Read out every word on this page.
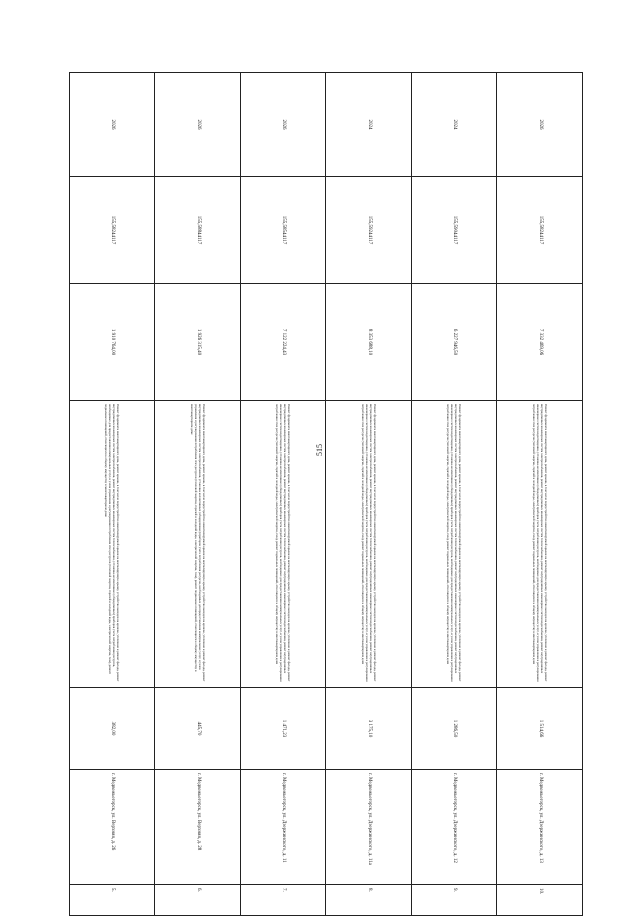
515
2026	155,58244117	7 332 469,06	Ремонт фундамента многоквартирного дома, ремонт крыши, в том числе переустройство невентилируемой крыши на вентилируемую крышу, устройство выходов на кровлю, утепление и ремонт фасада, ремонт внутридомовых инженерных систем электроснабжения, ремонт внутридомовых инженерных систем теплоснабжения, ремонт внутридомовых инженерных систем водоснабжения, ремонт внутридомовых инженерных систем водоотведения, установка коллективных (общедомовых) приборов учета потребления ресурсов, необходимых для предоставления коммунальных услуг, и узлов управления и регулирования потребления этих ресурсов (тепловой энергии, горячей и холодной воды, электрической энергии, газа), ремонт подвальных помещений, относящихся к общему имуществу в многоквартирном доме	1 514,66	г. Медвежьегорск, ул. Дзержинского, д. 13	10.
2024	155,59044117	6 227 946,50	Ремонт фундамента многоквартирного дома, ремонт крыши, в том числе переустройство невентилируемой крыши на вентилируемую крышу, устройство выходов на кровлю, утепление и ремонт фасада, ремонт внутридомовых инженерных систем электроснабжения, ремонт внутридомовых инженерных систем теплоснабжения, ремонт внутридомовых инженерных систем водоснабжения, ремонт внутридомовых инженерных систем водоотведения, установка коллективных (общедомовых) приборов учета потребления ресурсов, необходимых для предоставления коммунальных услуг, и узлов управления и регулирования потребления этих ресурсов (тепловой энергии, горячей и холодной воды, электрической энергии, газа), ремонт подвальных помещений, относящихся к общему имуществу в многоквартирном доме	1 286,50	г. Медвежьегорск, ул. Дзержинского, д. 12	9.
2024	155,59244117	8 353 688,10	Ремонт фундамента многоквартирного дома, ремонт крыши, в том числе переустройство невентилируемой крыши на вентилируемую крышу, устройство выходов на кровлю, утепление и ремонт фасада, ремонт внутридомовых инженерных систем электроснабжения, ремонт внутридомовых инженерных систем теплоснабжения, ремонт внутридомовых инженерных систем водоснабжения, ремонт внутридомовых инженерных систем водоотведения, установка коллективных (общедомовых) приборов учета потребления ресурсов, необходимых для предоставления коммунальных услуг, и узлов управления и регулирования потребления этих ресурсов (тепловой энергии, горячей и холодной воды, электрической энергии, газа), ремонт подвальных помещений, относящихся к общему имуществу в многоквартирном доме	3 175,10	г. Медвежьегорск, ул. Дзержинского, д. 11а	8.
2026	155,58544117	7 122 224,43	Ремонт фундамента многоквартирного дома, ремонт крыши, в том числе переустройство невентилируемой крыши на вентилируемую крышу, устройство выходов на кровлю, утепление и ремонт фасада, ремонт внутридомовых инженерных систем электроснабжения, ремонт внутридомовых инженерных систем теплоснабжения, ремонт внутридомовых инженерных систем водоснабжения, ремонт внутридомовых инженерных систем водоотведения, установка коллективных (общедомовых) приборов учета потребления ресурсов, необходимых для предоставления коммунальных услуг, и узлов управления и регулирования потребления этих ресурсов (тепловой энергии, горячей и холодной воды, электрической энергии, газа), ремонт подвальных помещений, относящихся к общему имуществу в многоквартирном доме	1 471,23	г. Медвежьегорск, ул. Дзержинского, д. 11	7.
2026	155,58844117	1 926 315,40	Ремонт фундамента многоквартирного дома, ремонт крыши, в том числе переустройство невентилируемой крыши на вентилируемую крышу, устройство выходов на кровлю, утепление и ремонт фасада, ремонт внутридомовых инженерных систем электроснабжения, установка коллективных (общедомовых) приборов учета потребления ресурсов, необходимых для предоставления коммунальных услуг, и узлов управления и регулирования потребления этих ресурсов (тепловой энергии, горячей и холодной воды, электрической энергии, газа), ремонт подвальных помещений, относящихся к общему имуществу в многоквартирном доме	445,70	г. Медвежьегорск, ул. Верхняя, д. 28	6.
2026	155,58244117	1 910 764,00	Ремонт фундамента многоквартирного дома, ремонт крыши, в том числе переустройство невентилируемой крыши на вентилируемую крышу, устройство выходов на кровлю, утепление и ремонт фасада, ремонт внутридомовых инженерных систем электроснабжения, ремонт внутридомовых инженерных систем теплоснабжения, установка коллективных (общедомовых) приборов учета потребления ресурсов, необходимых для предоставления коммунальных услуг, и узлов управления и регулирования потребления этих ресурсов (тепловой энергии, горячей и холодной воды, электрической энергии, газа), ремонт подвальных помещений, относящихся к общему имуществу в многоквартирном доме	382,00	г. Медвежьегорск, ул. Верхняя, д. 26	5.
